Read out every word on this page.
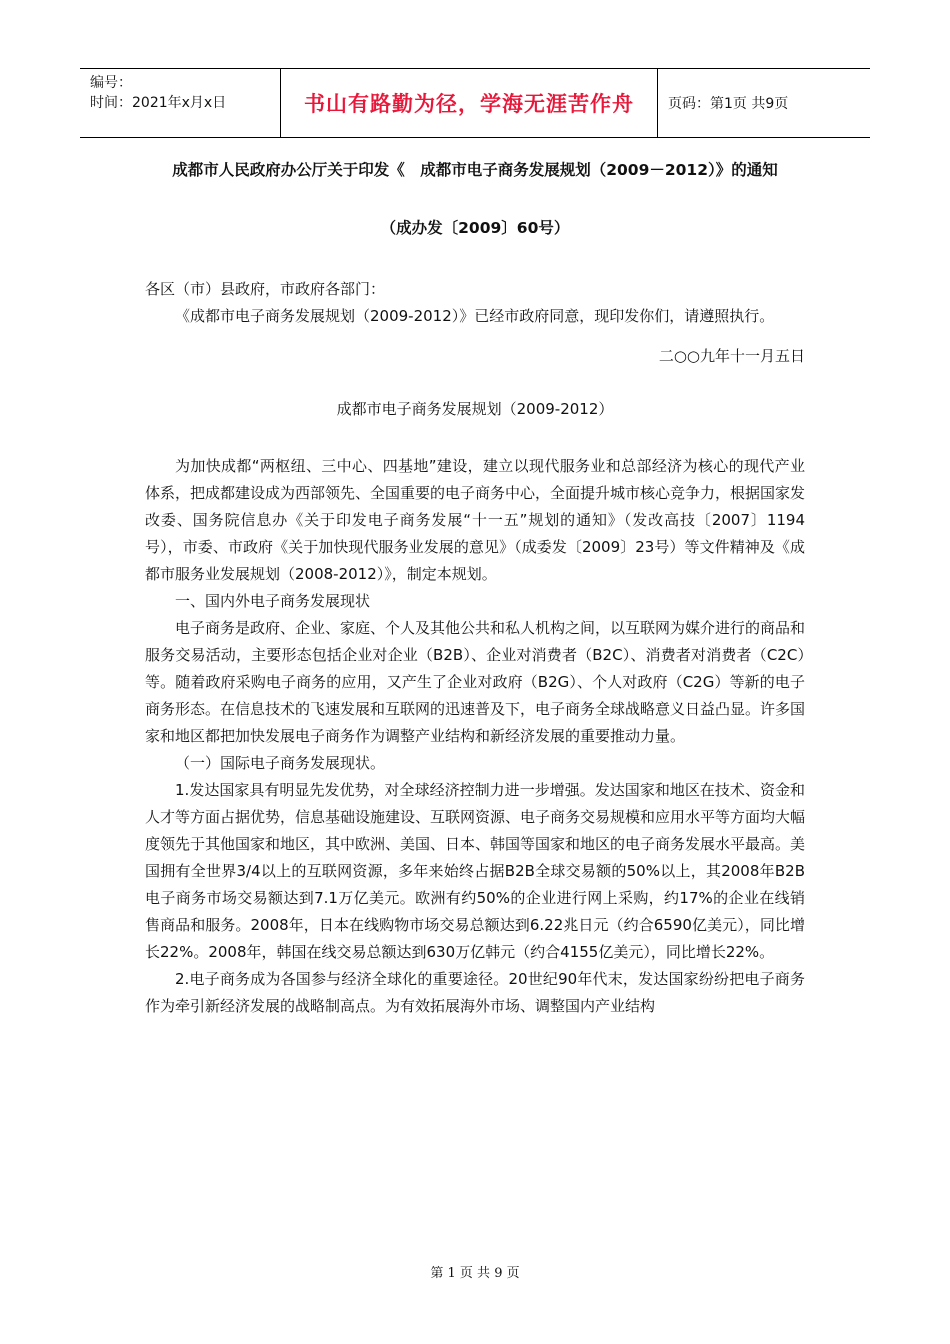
编号：
时间：2021年x月x日	书山有路勤为径，学海无涯苦作舟	页码：第1页 共9页
成都市人民政府办公厅关于印发《　成都市电子商务发展规划（2009－2012）》的通知
（成办发〔2009〕60号）

各区（市）县政府，市政府各部门：

《成都市电子商务发展规划（2009-2012）》已经市政府同意，现印发你们，请遵照执行。

二○○九年十一月五日

成都市电子商务发展规划（2009-2012）

为加快成都“两枢纽、三中心、四基地”建设，建立以现代服务业和总部经济为核心的现代产业体系，把成都建设成为西部领先、全国重要的电子商务中心，全面提升城市核心竞争力，根据国家发改委、国务院信息办《关于印发电子商务发展“十一五”规划的通知》（发改高技〔2007〕1194号），市委、市政府《关于加快现代服务业发展的意见》（成委发〔2009〕23号）等文件精神及《成都市服务业发展规划（2008-2012）》，制定本规划。

一、国内外电子商务发展现状

电子商务是政府、企业、家庭、个人及其他公共和私人机构之间，以互联网为媒介进行的商品和服务交易活动，主要形态包括企业对企业（B2B）、企业对消费者（B2C）、消费者对消费者（C2C）等。随着政府采购电子商务的应用，又产生了企业对政府（B2G）、个人对政府（C2G）等新的电子商务形态。在信息技术的飞速发展和互联网的迅速普及下，电子商务全球战略意义日益凸显。许多国家和地区都把加快发展电子商务作为调整产业结构和新经济发展的重要推动力量。

（一）国际电子商务发展现状。

1.发达国家具有明显先发优势，对全球经济控制力进一步增强。发达国家和地区在技术、资金和人才等方面占据优势，信息基础设施建设、互联网资源、电子商务交易规模和应用水平等方面均大幅度领先于其他国家和地区，其中欧洲、美国、日本、韩国等国家和地区的电子商务发展水平最高。美国拥有全世界3/4以上的互联网资源，多年来始终占据B2B全球交易额的50%以上，其2008年B2B电子商务市场交易额达到7.1万亿美元。欧洲有约50%的企业进行网上采购，约17%的企业在线销售商品和服务。2008年，日本在线购物市场交易总额达到6.22兆日元（约合6590亿美元），同比增长22%。2008年，韩国在线交易总额达到630万亿韩元（约合4155亿美元），同比增长22%。

2.电子商务成为各国参与经济全球化的重要途径。20世纪90年代末，发达国家纷纷把电子商务作为牵引新经济发展的战略制高点。为有效拓展海外市场、调整国内产业结构

第 1 页 共 9 页
